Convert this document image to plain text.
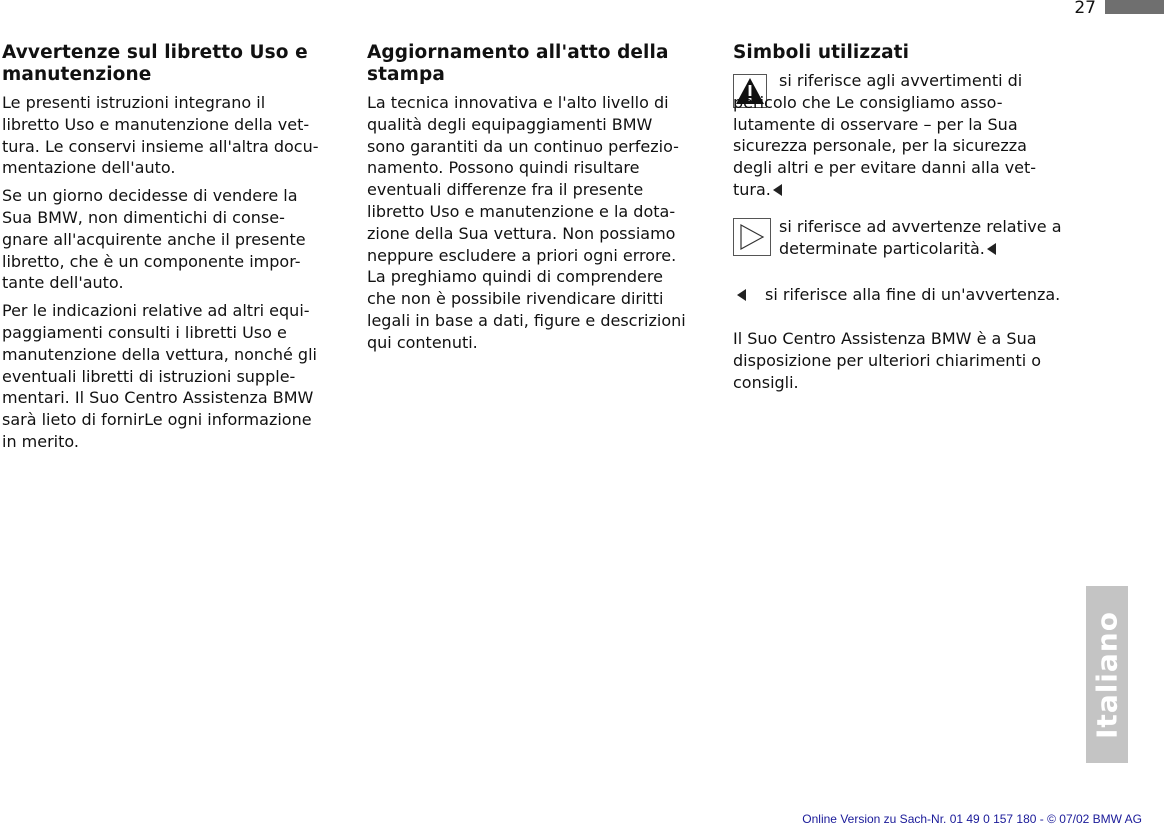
27
Avvertenze sul libretto Uso e
manutenzione

Le presenti istruzioni integrano il
libretto Uso e manutenzione della vet-
tura. Le conservi insieme all'altra docu-
mentazione dell'auto.

Se un giorno decidesse di vendere la
Sua BMW, non dimentichi di conse-
gnare all'acquirente anche il presente
libretto, che è un componente impor-
tante dell'auto.

Per le indicazioni relative ad altri equi-
paggiamenti consulti i libretti Uso e
manutenzione della vettura, nonché gli
eventuali libretti di istruzioni supple-
mentari. Il Suo Centro Assistenza BMW
sarà lieto di fornirLe ogni informazione
in merito.

Aggiornamento all'atto della
stampa

La tecnica innovativa e l'alto livello di
qualità degli equipaggiamenti BMW
sono garantiti da un continuo perfezio-
namento. Possono quindi risultare
eventuali differenze fra il presente
libretto Uso e manutenzione e la dota-
zione della Sua vettura. Non possiamo
neppure escludere a priori ogni errore.
La preghiamo quindi di comprendere
che non è possibile rivendicare diritti
legali in base a dati, figure e descrizioni
qui contenuti.

Simboli utilizzati

si riferisce agli avvertimenti di
pericolo che Le consigliamo asso-
lutamente di osservare – per la Sua
sicurezza personale, per la sicurezza
degli altri e per evitare danni alla vet-
tura.

si riferisce ad avvertenze relative a
determinate particolarità.

si riferisce alla fine di un'avvertenza.

Il Suo Centro Assistenza BMW è a Sua
disposizione per ulteriori chiarimenti o
consigli.

Italiano
Online Version zu Sach-Nr. 01 49 0 157 180 - © 07/02 BMW AG
